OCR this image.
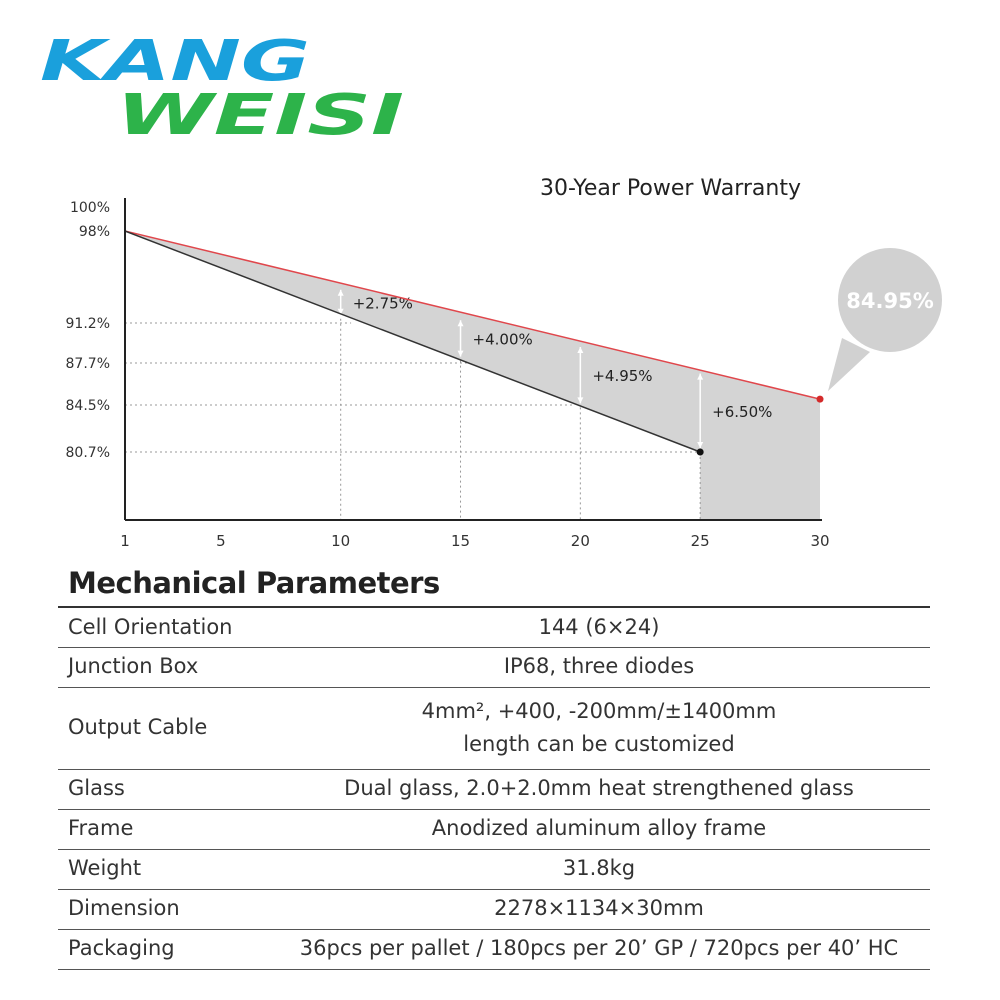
KANG
WEISI
30-Year Power Warranty
+2.75%
+4.00%
+4.95%
+6.50%
100%
98%
91.2%
87.7%
84.5%
80.7%
1	5	10	15	20	25	30
84.95%
Mechanical Parameters
Cell Orientation	144 (6×24)
Junction Box	IP68, three diodes
Output Cable	4mm², +400, -200mm/±1400mm
length can be customized

Glass	Dual glass, 2.0+2.0mm heat strengthened glass
Frame	Anodized aluminum alloy frame
Weight	31.8kg
Dimension	2278×1134×30mm
Packaging	36pcs per pallet / 180pcs per 20’ GP / 720pcs per 40’ HC
